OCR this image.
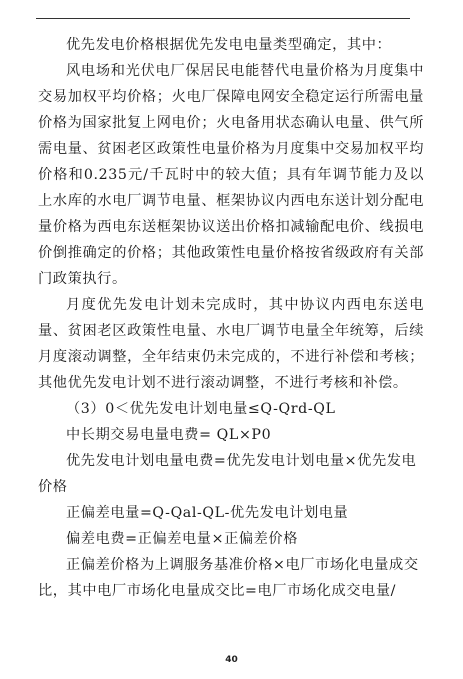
优先发电价格根据优先发电电量类型确定，其中：

风电场和光伏电厂保居民电能替代电量价格为月度集中交易加权平均价格；火电厂保障电网安全稳定运行所需电量价格为国家批复上网电价；火电备用状态确认电量、供气所需电量、贫困老区政策性电量价格为月度集中交易加权平均价格和0.235元/千瓦时中的较大值；具有年调节能力及以上水库的水电厂调节电量、框架协议内西电东送计划分配电量价格为西电东送框架协议送出价格扣减输配电价、线损电价倒推确定的价格；其他政策性电量价格按省级政府有关部门政策执行。

月度优先发电计划未完成时，其中协议内西电东送电量、贫困老区政策性电量、水电厂调节电量全年统筹，后续月度滚动调整，全年结束仍未完成的，不进行补偿和考核；其他优先发电计划不进行滚动调整，不进行考核和补偿。

（3）0＜优先发电计划电量≤Q-Qrd-QL

中长期交易电量电费= QL×P0

优先发电计划电量电费=优先发电计划电量×优先发电价格

正偏差电量=Q-Qal-QL-优先发电计划电量

偏差电费=正偏差电量×正偏差价格

正偏差价格为上调服务基准价格×电厂市场化电量成交比，其中电厂市场化电量成交比=电厂市场化成交电量/

40
